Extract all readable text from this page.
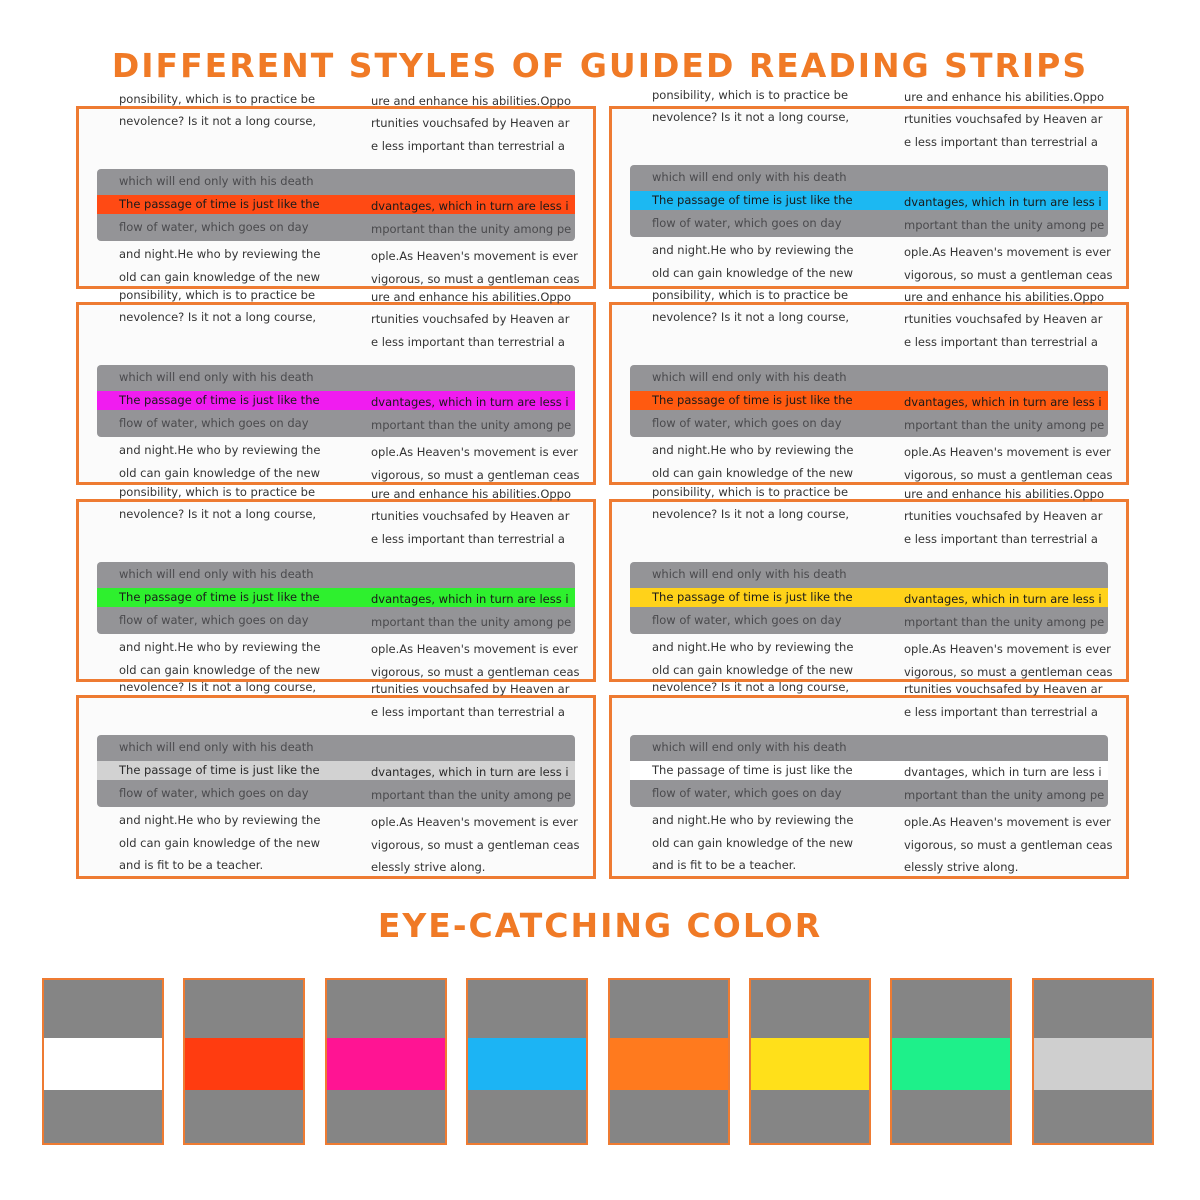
DIFFERENT STYLES OF GUIDED READING STRIPS
ure and enhance his abilities.Oppo
rtunities vouchsafed by Heaven ar
e less important than terrestrial a
ponsibility, which is to practice be
nevolence? Is it not a long course,
which will end only with his death
The passage of time is just like the
flow of water, which goes on day
dvantages, which in turn are less i
mportant than the unity among pe
and night.He who by reviewing the
old can gain knowledge of the new
ople.As Heaven's movement is ever
vigorous, so must a gentleman ceas
ure and enhance his abilities.Oppo
rtunities vouchsafed by Heaven ar
e less important than terrestrial a
ponsibility, which is to practice be
nevolence? Is it not a long course,
which will end only with his death
The passage of time is just like the
flow of water, which goes on day
dvantages, which in turn are less i
mportant than the unity among pe
and night.He who by reviewing the
old can gain knowledge of the new
ople.As Heaven's movement is ever
vigorous, so must a gentleman ceas
ure and enhance his abilities.Oppo
rtunities vouchsafed by Heaven ar
e less important than terrestrial a
ponsibility, which is to practice be
nevolence? Is it not a long course,
which will end only with his death
The passage of time is just like the
flow of water, which goes on day
dvantages, which in turn are less i
mportant than the unity among pe
and night.He who by reviewing the
old can gain knowledge of the new
ople.As Heaven's movement is ever
vigorous, so must a gentleman ceas
ure and enhance his abilities.Oppo
rtunities vouchsafed by Heaven ar
e less important than terrestrial a
ponsibility, which is to practice be
nevolence? Is it not a long course,
which will end only with his death
The passage of time is just like the
flow of water, which goes on day
dvantages, which in turn are less i
mportant than the unity among pe
and night.He who by reviewing the
old can gain knowledge of the new
ople.As Heaven's movement is ever
vigorous, so must a gentleman ceas
ure and enhance his abilities.Oppo
rtunities vouchsafed by Heaven ar
e less important than terrestrial a
ponsibility, which is to practice be
nevolence? Is it not a long course,
which will end only with his death
The passage of time is just like the
flow of water, which goes on day
dvantages, which in turn are less i
mportant than the unity among pe
and night.He who by reviewing the
old can gain knowledge of the new
ople.As Heaven's movement is ever
vigorous, so must a gentleman ceas
ure and enhance his abilities.Oppo
rtunities vouchsafed by Heaven ar
e less important than terrestrial a
ponsibility, which is to practice be
nevolence? Is it not a long course,
which will end only with his death
The passage of time is just like the
flow of water, which goes on day
dvantages, which in turn are less i
mportant than the unity among pe
and night.He who by reviewing the
old can gain knowledge of the new
ople.As Heaven's movement is ever
vigorous, so must a gentleman ceas
rtunities vouchsafed by Heaven ar
e less important than terrestrial a
nevolence? Is it not a long course,
which will end only with his death
The passage of time is just like the
flow of water, which goes on day
dvantages, which in turn are less i
mportant than the unity among pe
and night.He who by reviewing the
old can gain knowledge of the new
and is fit to be a teacher.
ople.As Heaven's movement is ever
vigorous, so must a gentleman ceas
elessly strive along.
rtunities vouchsafed by Heaven ar
e less important than terrestrial a
nevolence? Is it not a long course,
which will end only with his death
The passage of time is just like the
flow of water, which goes on day
dvantages, which in turn are less i
mportant than the unity among pe
and night.He who by reviewing the
old can gain knowledge of the new
and is fit to be a teacher.
ople.As Heaven's movement is ever
vigorous, so must a gentleman ceas
elessly strive along.
EYE-CATCHING COLOR
